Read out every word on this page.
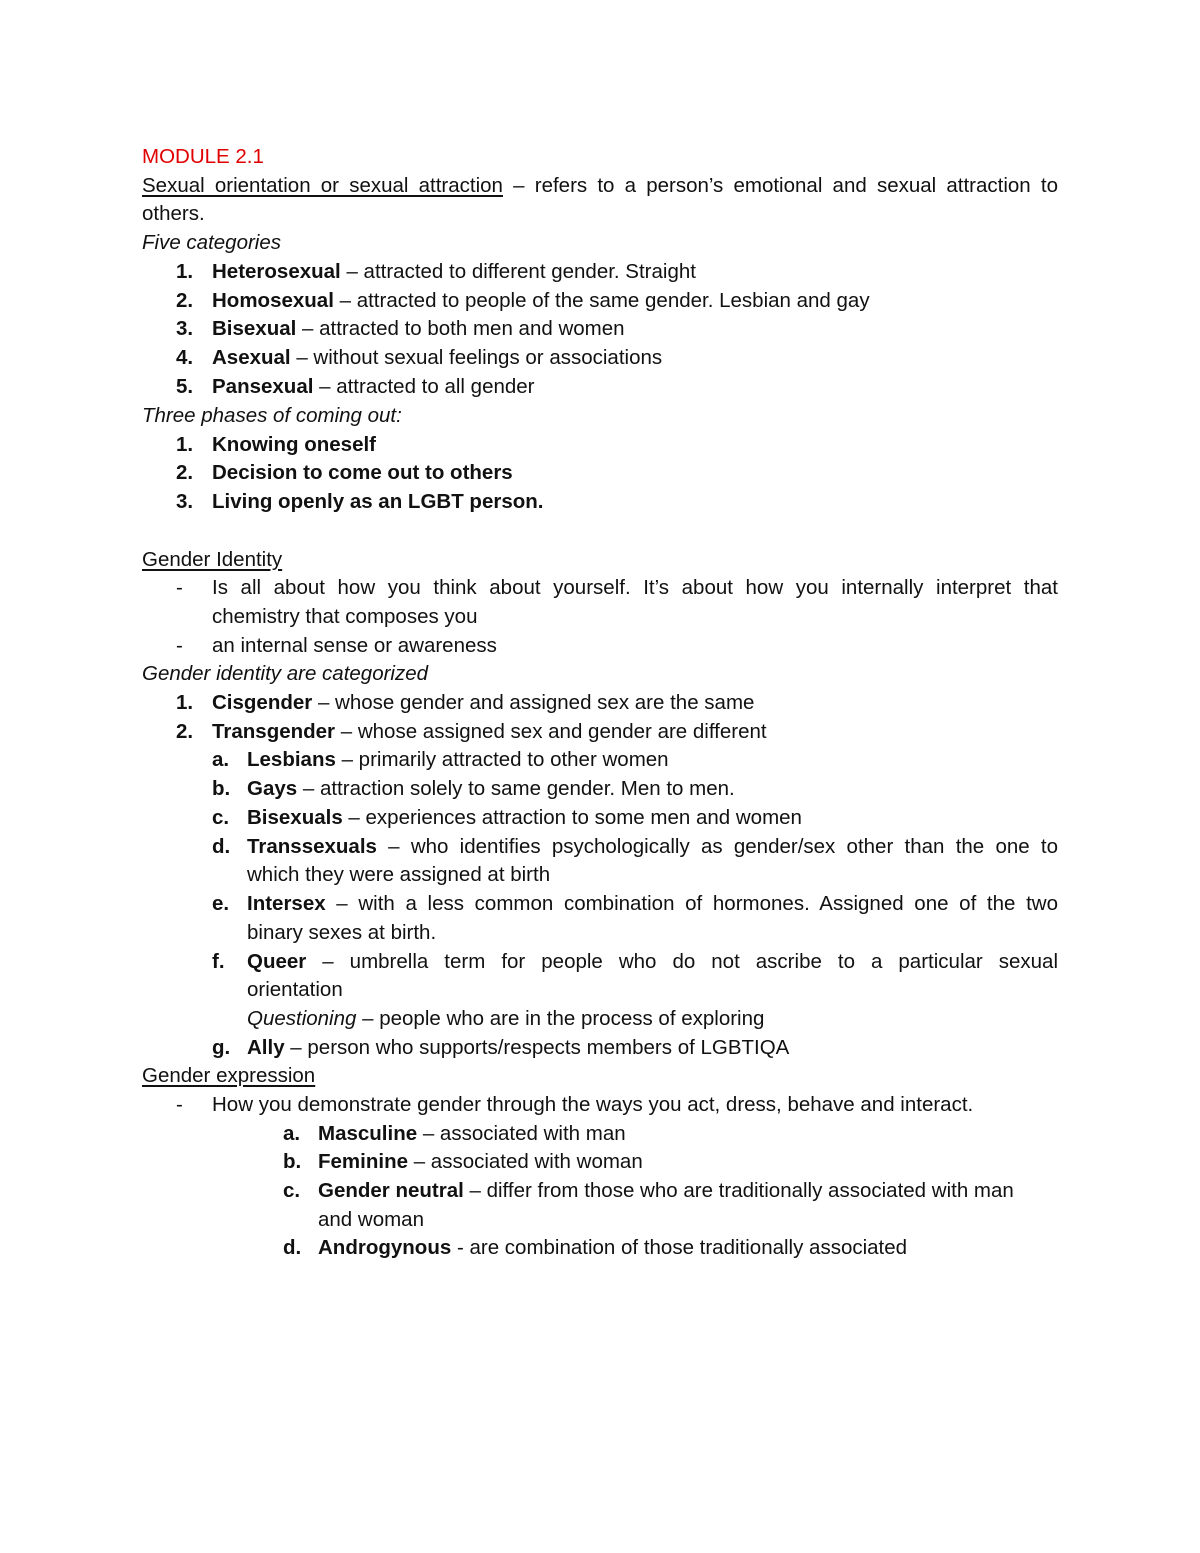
MODULE 2.1
Sexual orientation or sexual attraction – refers to a person’s emotional and sexual attraction to
others.
Five categories
1. Heterosexual – attracted to different gender. Straight
2. Homosexual – attracted to people of the same gender. Lesbian and gay
3. Bisexual – attracted to both men and women
4. Asexual – without sexual feelings or associations
5. Pansexual – attracted to all gender
Three phases of coming out:
1. Knowing oneself
2. Decision to come out to others
3. Living openly as an LGBT person.
Gender Identity
- Is all about how you think about yourself. It’s about how you internally interpret that
chemistry that composes you
- an internal sense or awareness
Gender identity are categorized
1. Cisgender – whose gender and assigned sex are the same
2. Transgender – whose assigned sex and gender are different
a. Lesbians – primarily attracted to other women
b. Gays – attraction solely to same gender. Men to men.
c. Bisexuals – experiences attraction to some men and women
d. Transsexuals – who identifies psychologically as gender/sex other than the one to
which they were assigned at birth
e. Intersex – with a less common combination of hormones. Assigned one of the two
binary sexes at birth.
f. Queer – umbrella term for people who do not ascribe to a particular sexual
orientation
Questioning – people who are in the process of exploring
g. Ally – person who supports/respects members of LGBTIQA
Gender expression
- How you demonstrate gender through the ways you act, dress, behave and interact.
a. Masculine – associated with man
b. Feminine – associated with woman
c. Gender neutral – differ from those who are traditionally associated with man
and woman
d. Androgynous - are combination of those traditionally associated
